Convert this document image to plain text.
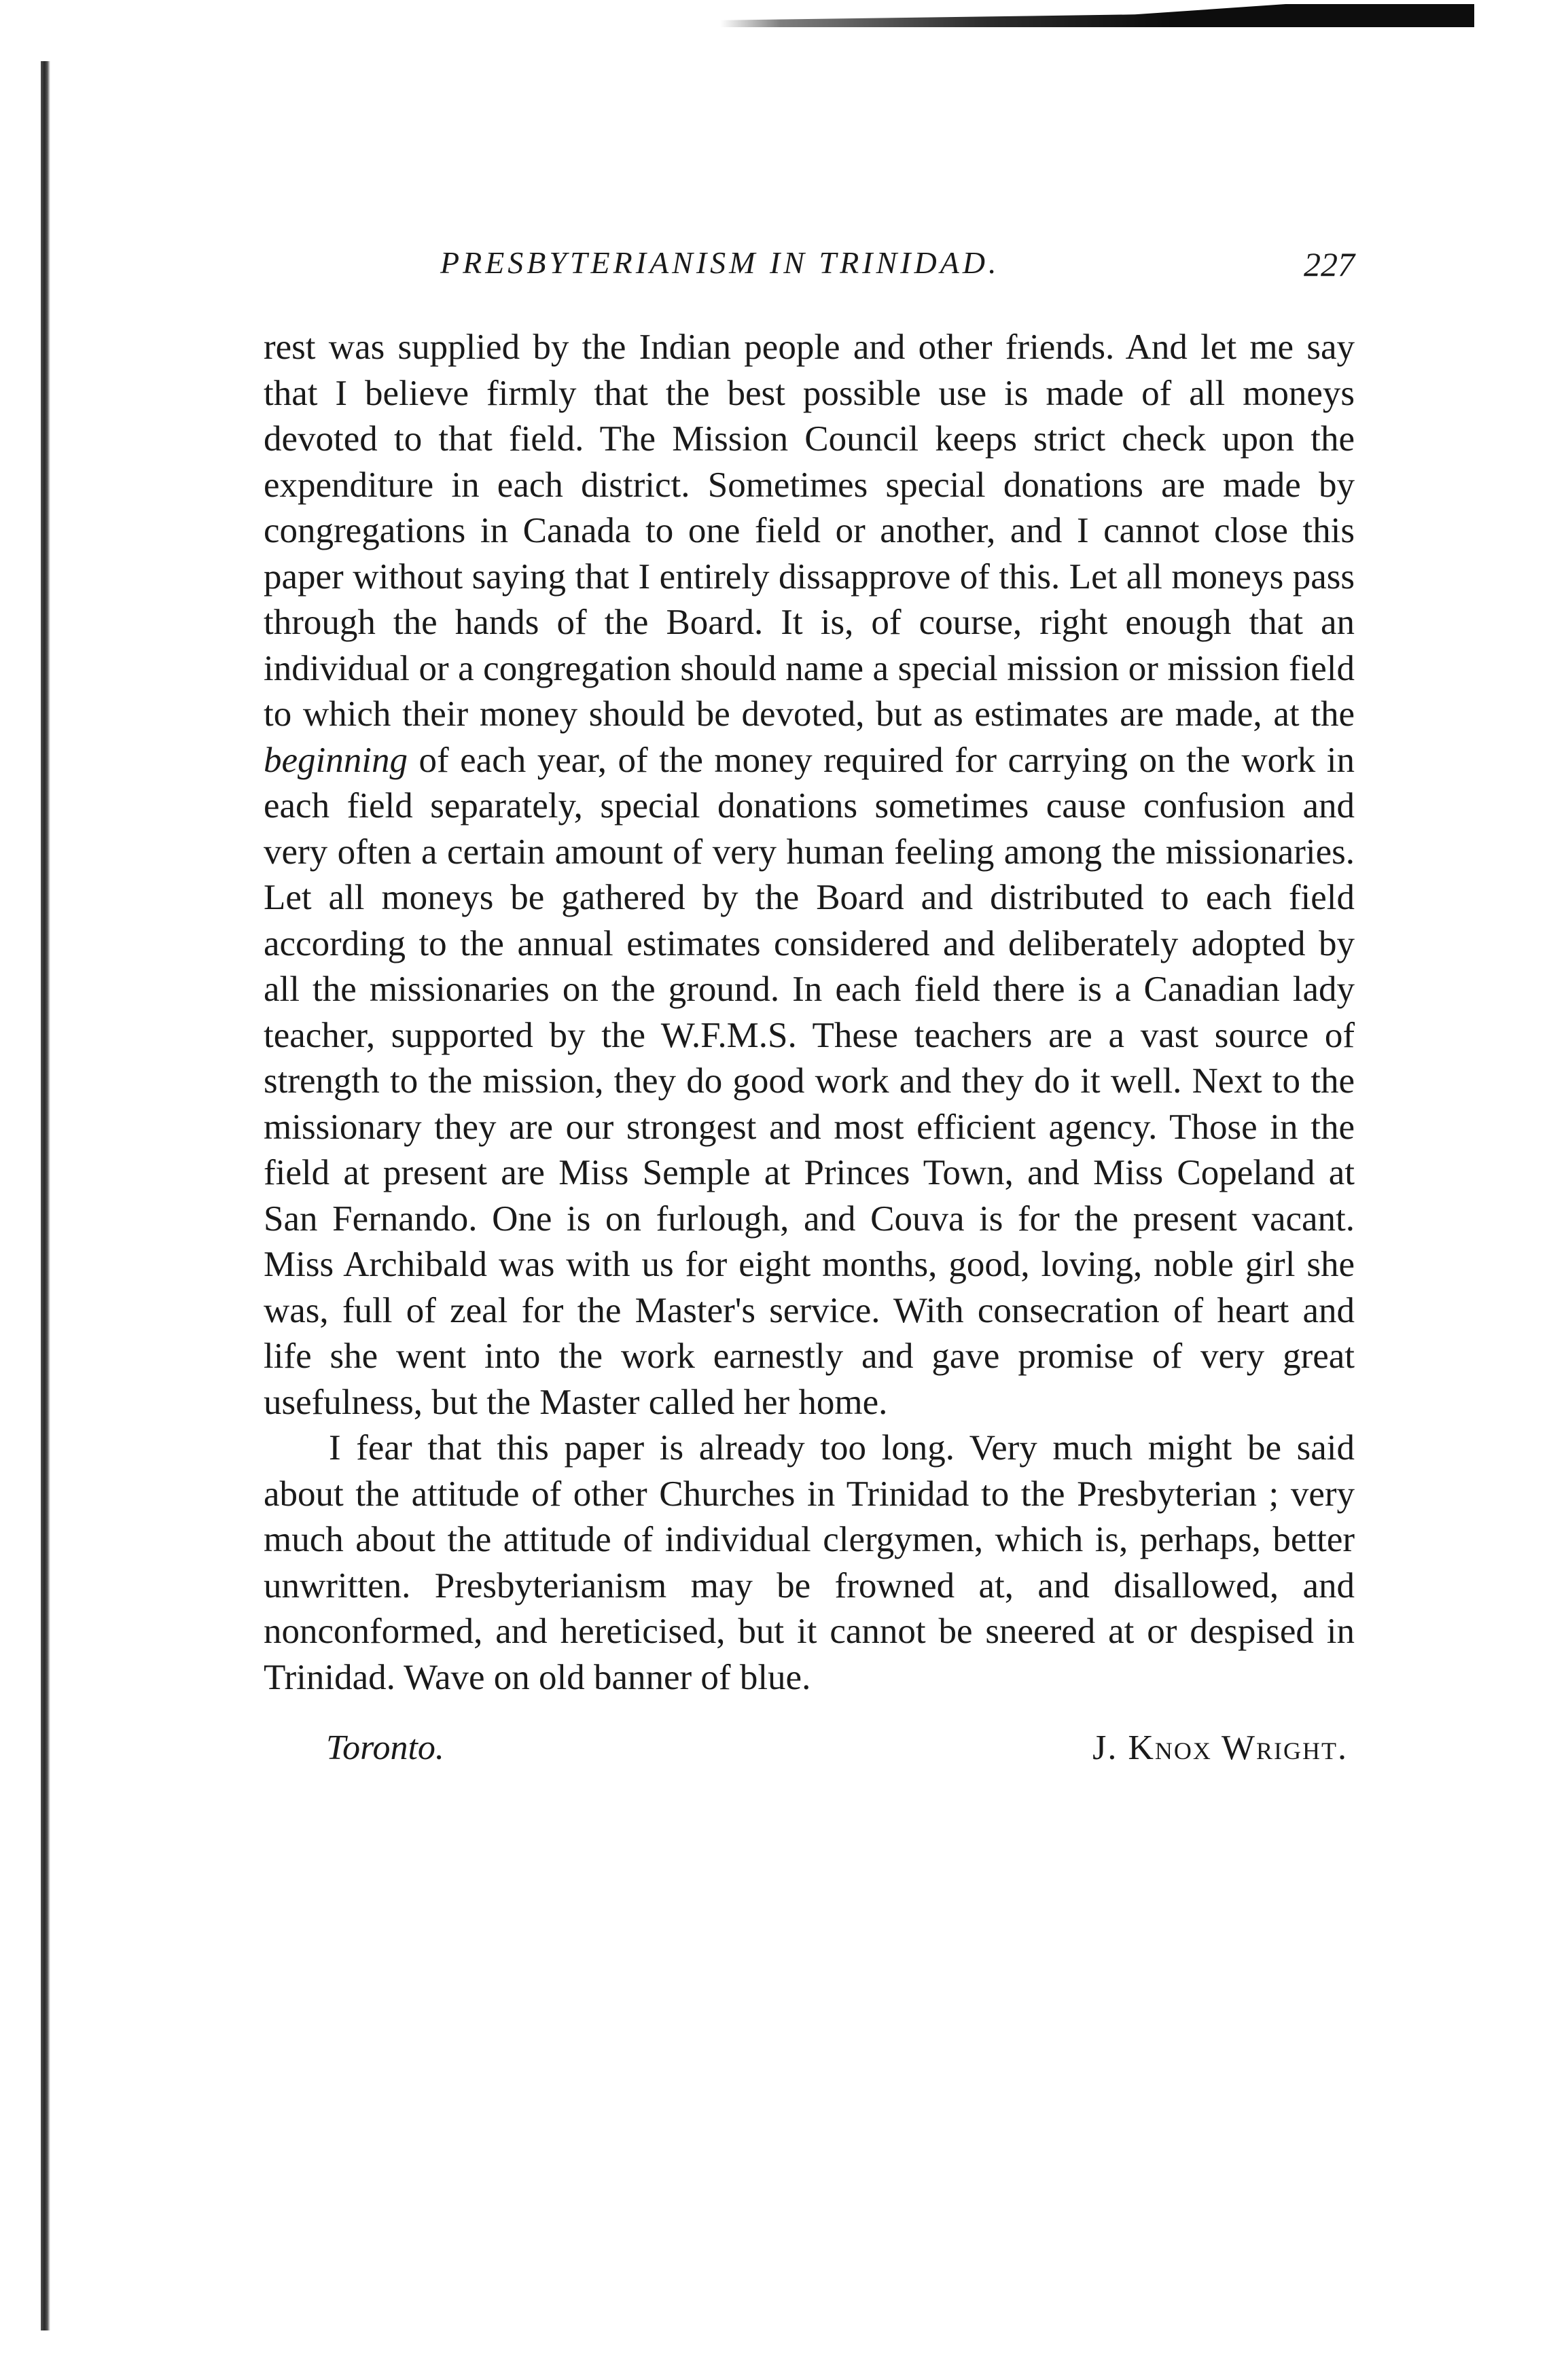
PRESBYTERIANISM IN TRINIDAD.	227

rest was supplied by the Indian people and other friends. And let me say that I believe firmly that the best possible use is made of all moneys devoted to that field. The Mission Council keeps strict check upon the expenditure in each district. Sometimes special donations are made by congregations in Canada to one field or another, and I cannot close this paper without saying that I entirely dissapprove of this. Let all moneys pass through the hands of the Board. It is, of course, right enough that an individual or a congregation should name a special mission or mission field to which their money should be devoted, but as estimates are made, at the beginning of each year, of the money required for carrying on the work in each field separately, special donations sometimes cause confusion and very often a certain amount of very human feeling among the missionaries. Let all moneys be gathered by the Board and distributed to each field according to the annual estimates considered and deliberately adopted by all the missionaries on the ground. In each field there is a Canadian lady teacher, supported by the W.F.M.S. These teachers are a vast source of strength to the mission, they do good work and they do it well. Next to the missionary they are our strongest and most efficient agency. Those in the field at present are Miss Semple at Princes Town, and Miss Copeland at San Fernando. One is on furlough, and Couva is for the present vacant. Miss Archibald was with us for eight months, good, loving, noble girl she was, full of zeal for the Master's service. With consecration of heart and life she went into the work earnestly and gave promise of very great usefulness, but the Master called her home.

I fear that this paper is already too long. Very much might be said about the attitude of other Churches in Trinidad to the Presbyterian ; very much about the attitude of individual clergymen, which is, perhaps, better unwritten. Presbyterianism may be frowned at, and disallowed, and nonconformed, and hereticised, but it cannot be sneered at or despised in Trinidad. Wave on old banner of blue.

Toronto.	J. Knox Wright.
